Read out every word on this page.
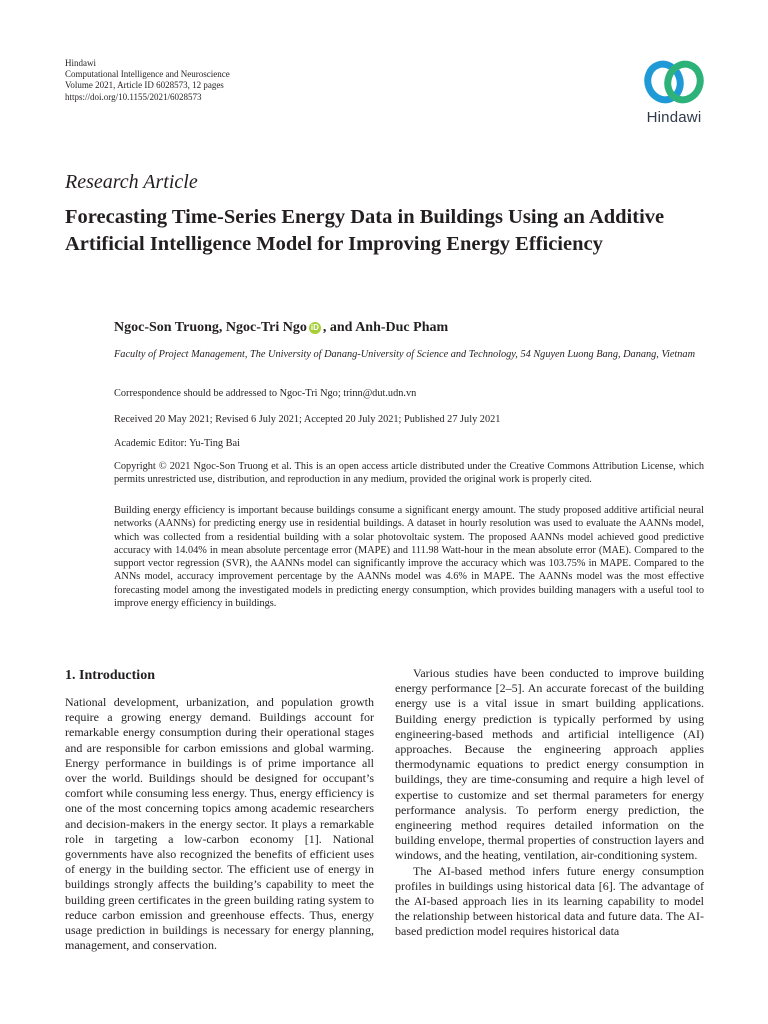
Hindawi
Computational Intelligence and Neuroscience
Volume 2021, Article ID 6028573, 12 pages
https://doi.org/10.1155/2021/6028573
Hindawi
Research Article
Forecasting Time-Series Energy Data in Buildings Using an Additive Artificial Intelligence Model for Improving Energy Efficiency
Ngoc-Son Truong, Ngoc-Tri Ngo iD , and Anh-Duc Pham
Faculty of Project Management, The University of Danang-University of Science and Technology, 54 Nguyen Luong Bang, Danang, Vietnam
Correspondence should be addressed to Ngoc-Tri Ngo; trinn@dut.udn.vn
Received 20 May 2021; Revised 6 July 2021; Accepted 20 July 2021; Published 27 July 2021
Academic Editor: Yu-Ting Bai
Copyright © 2021 Ngoc-Son Truong et al. This is an open access article distributed under the Creative Commons Attribution License, which permits unrestricted use, distribution, and reproduction in any medium, provided the original work is properly cited.
Building energy efficiency is important because buildings consume a significant energy amount. The study proposed additive artificial neural networks (AANNs) for predicting energy use in residential buildings. A dataset in hourly resolution was used to evaluate the AANNs model, which was collected from a residential building with a solar photovoltaic system. The proposed AANNs model achieved good predictive accuracy with 14.04% in mean absolute percentage error (MAPE) and 111.98 Watt-hour in the mean absolute error (MAE). Compared to the support vector regression (SVR), the AANNs model can significantly improve the accuracy which was 103.75% in MAPE. Compared to the ANNs model, accuracy improvement percentage by the AANNs model was 4.6% in MAPE. The AANNs model was the most effective forecasting model among the investigated models in predicting energy consumption, which provides building managers with a useful tool to improve energy efficiency in buildings.
1. Introduction

National development, urbanization, and population growth require a growing energy demand. Buildings account for remarkable energy consumption during their operational stages and are responsible for carbon emissions and global warming. Energy performance in buildings is of prime importance all over the world. Buildings should be designed for occupant’s comfort while consuming less energy. Thus, energy efficiency is one of the most concerning topics among academic researchers and decision-makers in the energy sector. It plays a remarkable role in targeting a low-carbon economy [1]. National governments have also recognized the benefits of efficient uses of energy in the building sector. The efficient use of energy in buildings strongly affects the building’s capability to meet the building green certificates in the green building rating system to reduce carbon emission and greenhouse effects. Thus, energy usage prediction in buildings is necessary for energy planning, management, and conservation.

Various studies have been conducted to improve building energy performance [2–5]. An accurate forecast of the building energy use is a vital issue in smart building applications. Building energy prediction is typically performed by using engineering-based methods and artificial intelligence (AI) approaches. Because the engineering approach applies thermodynamic equations to predict energy consumption in buildings, they are time-consuming and require a high level of expertise to customize and set thermal parameters for energy performance analysis. To perform energy prediction, the engineering method requires detailed information on the building envelope, thermal properties of construction layers and windows, and the heating, ventilation, air-conditioning system.

The AI-based method infers future energy consumption profiles in buildings using historical data [6]. The advantage of the AI-based approach lies in its learning capability to model the relationship between historical data and future data. The AI-based prediction model requires historical data
